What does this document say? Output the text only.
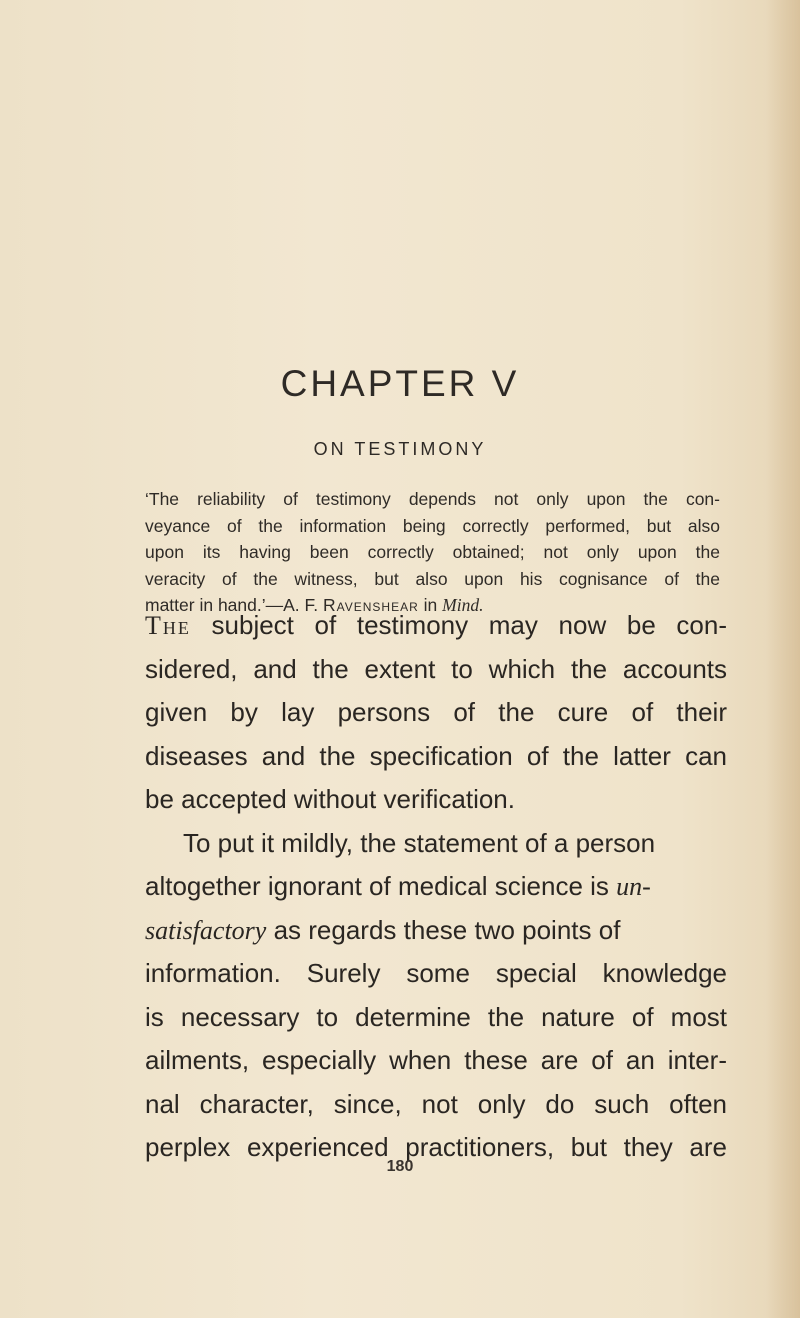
CHAPTER V
ON TESTIMONY
‘The reliability of testimony depends not only upon the con-
veyance of the information being correctly performed, but also
upon its having been correctly obtained; not only upon the
veracity of the witness, but also upon his cognisance of the
matter in hand.’—A. F. Ravenshear in Mind.
The subject of testimony may now be con-
sidered, and the extent to which the accounts
given by lay persons of the cure of their
diseases and the specification of the latter can
be accepted without verification.
To put it mildly, the statement of a person
altogether ignorant of medical science is un-
satisfactory as regards these two points of
information. Surely some special knowledge
is necessary to determine the nature of most
ailments, especially when these are of an inter-
nal character, since, not only do such often
perplex experienced practitioners, but they are
180
